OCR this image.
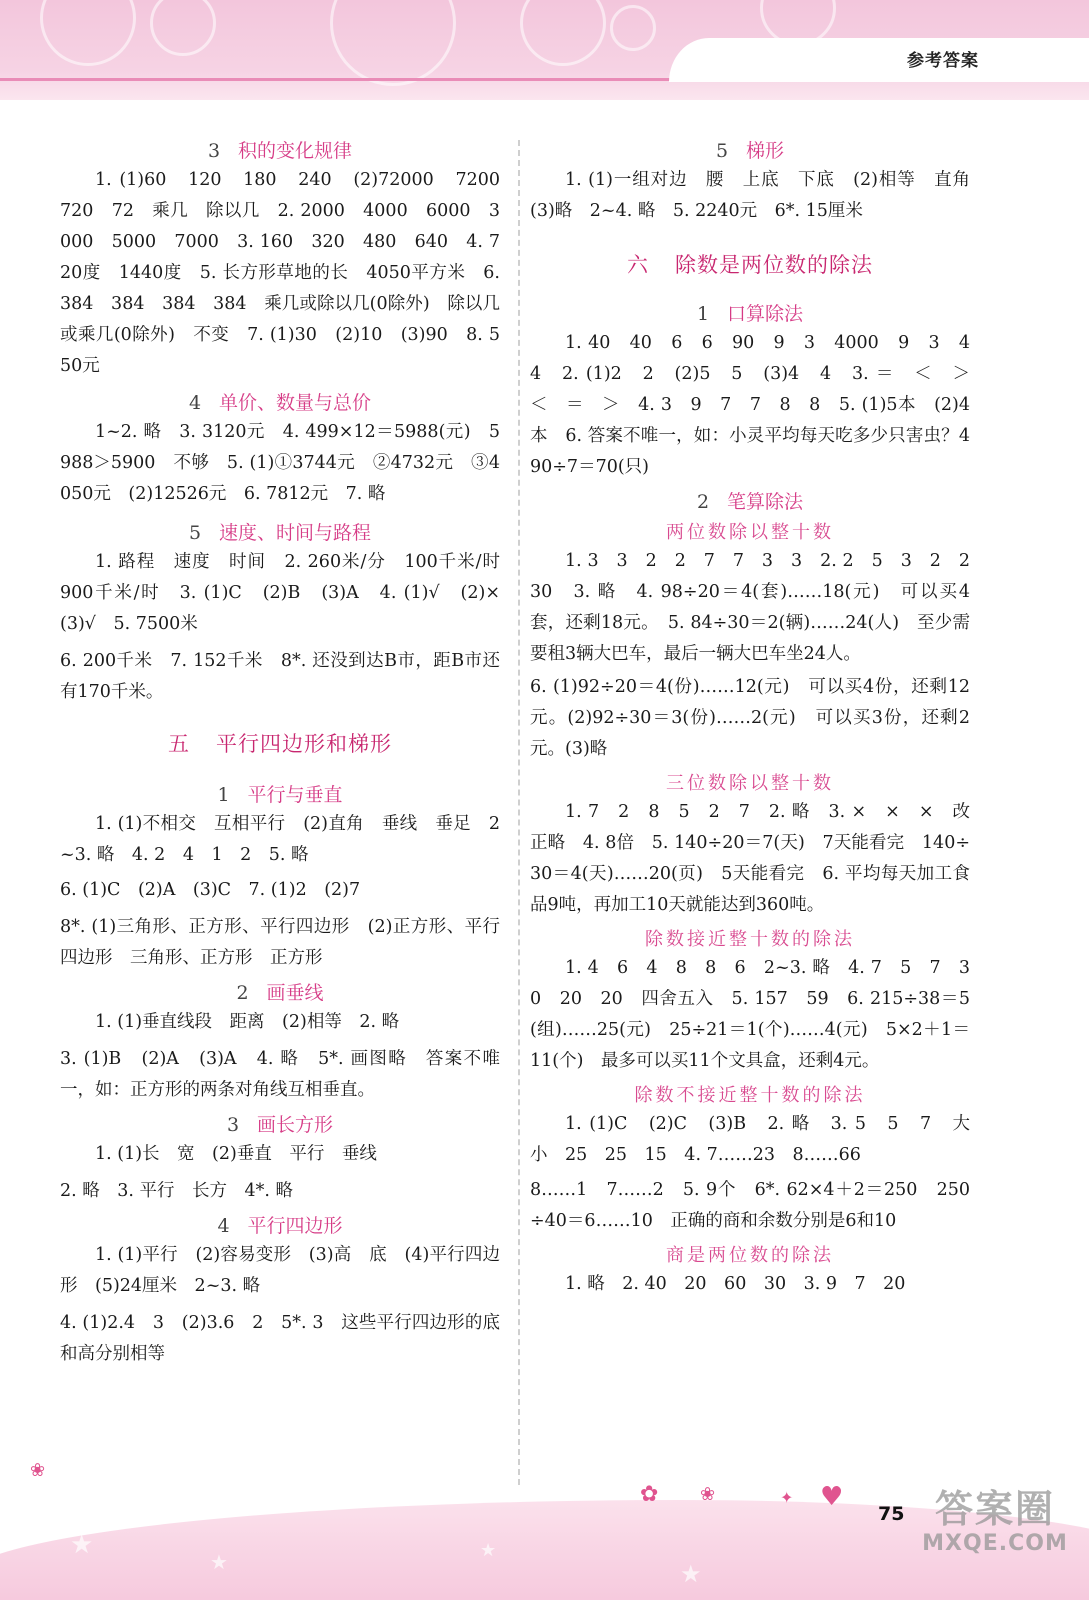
参考答案

3 积的变化规律

1. (1)60　120　180　240　(2)72000　7200　720　72　乘几　除以几　2. 2000　4000　6000　3000　5000　7000　3. 160　320　480　640　4. 720度　1440度　5. 长方形草地的长　4050平方米　6. 384　384　384　384　乘几或除以几(0除外)　除以几或乘几(0除外)　不变　7. (1)30　(2)10　(3)90　8. 550元

4 单价、数量与总价

1~2. 略　3. 3120元　4. 499×12＝5988(元)　5988＞5900　不够　5. (1)①3744元　②4732元　③4050元　(2)12526元　6. 7812元　7. 略

5 速度、时间与路程

1. 路程　速度　时间　2. 260米/分　100千米/时　900千米/时　3. (1)C　(2)B　(3)A　4. (1)√　(2)×　(3)√　5. 7500米

6. 200千米　7. 152千米　8*. 还没到达B市，距B市还有170千米。

五 平行四边形和梯形

1 平行与垂直

1. (1)不相交　互相平行　(2)直角　垂线　垂足　2~3. 略　4. 2　4　1　2　5. 略

6. (1)C　(2)A　(3)C　7. (1)2　(2)7

8*. (1)三角形、正方形、平行四边形　(2)正方形、平行四边形　三角形、正方形　正方形

2 画垂线

1. (1)垂直线段　距离　(2)相等　2. 略

3. (1)B　(2)A　(3)A　4. 略　5*. 画图略　答案不唯一，如：正方形的两条对角线互相垂直。

3 画长方形

1. (1)长　宽　(2)垂直　平行　垂线

2. 略　3. 平行　长方　4*. 略

4 平行四边形

1. (1)平行　(2)容易变形　(3)高　底　(4)平行四边形　(5)24厘米　2~3. 略

4. (1)2.4　3　(2)3.6　2　5*. 3　这些平行四边形的底和高分别相等

5 梯形

1. (1)一组对边　腰　上底　下底　(2)相等　直角　(3)略　2~4. 略　5. 2240元　6*. 15厘米

六 除数是两位数的除法

1 口算除法

1. 40　40　6　6　90　9　3　4000　9　3　4　4　2. (1)2　2　(2)5　5　(3)4　4　3. ＝　＜　＞　＜　＝　＞　4. 3　9　7　7　8　8　5. (1)5本　(2)4本　6. 答案不唯一，如：小灵平均每天吃多少只害虫？490÷7＝70(只)

2 笔算除法

两位数除以整十数

1. 3　3　2　2　7　7　3　3　2. 2　5　3　2　2　30　3. 略　4. 98÷20＝4(套)……18(元)　可以买4套，还剩18元。　5. 84÷30＝2(辆)……24(人)　至少需要租3辆大巴车，最后一辆大巴车坐24人。

6. (1)92÷20＝4(份)……12(元)　可以买4份，还剩12元。(2)92÷30＝3(份)……2(元)　可以买3份，还剩2元。(3)略

三位数除以整十数

1. 7　2　8　5　2　7　2. 略　3. ×　×　×　改正略　4. 8倍　5. 140÷20＝7(天)　7天能看完　140÷30＝4(天)……20(页)　5天能看完　6. 平均每天加工食品9吨，再加工10天就能达到360吨。

除数接近整十数的除法

1. 4　6　4　8　8　6　2~3. 略　4. 7　5　7　30　20　20　四舍五入　5. 157　59　6. 215÷38＝5(组)……25(元)　25÷21＝1(个)……4(元)　5×2＋1＝11(个)　最多可以买11个文具盒，还剩4元。

除数不接近整十数的除法

1. (1)C　(2)C　(3)B　2. 略　3. 5　5　7　大　小　25　25　15　4. 7……23　8……66

8……1　7……2　5. 9个　6*. 62×4＋2＝250　250÷40＝6……10　正确的商和余数分别是6和10

商是两位数的除法

1. 略　2. 40　20　60　30　3. 9　7　20

★
★	★
★
❀
✿ ❀	✦ ♥
75 答案圈
MXQE.COM
